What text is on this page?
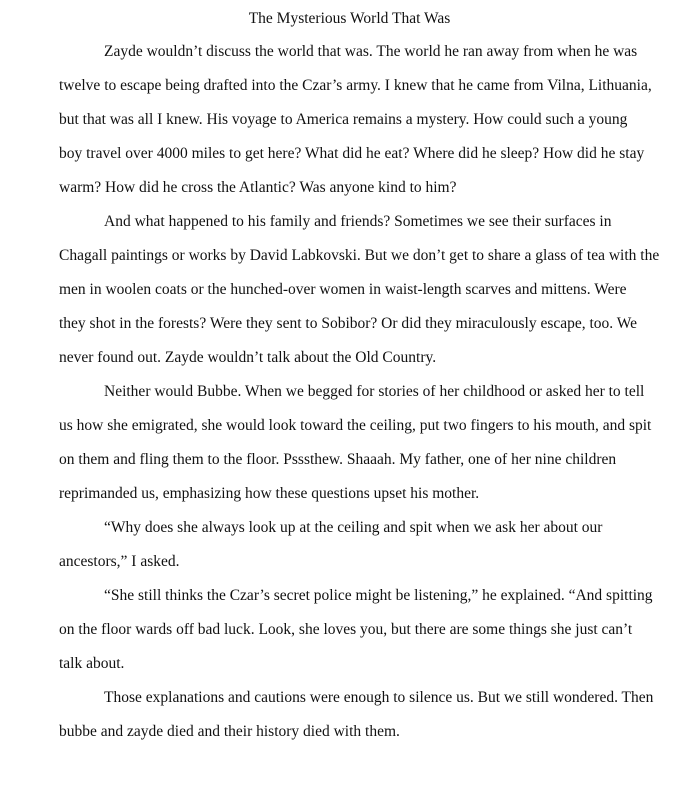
The Mysterious World That Was
Zayde wouldn’t discuss the world that was. The world he ran away from when he was
twelve to escape being drafted into the Czar’s army. I knew that he came from Vilna, Lithuania,
but that was all I knew. His voyage to America remains a mystery. How could such a young
boy travel over 4000 miles to get here? What did he eat? Where did he sleep? How did he stay
warm? How did he cross the Atlantic? Was anyone kind to him?
And what happened to his family and friends? Sometimes we see their surfaces in
Chagall paintings or works by David Labkovski. But we don’t get to share a glass of tea with the
men in woolen coats or the hunched-over women in waist-length scarves and mittens. Were
they shot in the forests? Were they sent to Sobibor? Or did they miraculously escape, too. We
never found out. Zayde wouldn’t talk about the Old Country.
Neither would Bubbe. When we begged for stories of her childhood or asked her to tell
us how she emigrated, she would look toward the ceiling, put two fingers to his mouth, and spit
on them and fling them to the floor. Psssthew. Shaaah. My father, one of her nine children
reprimanded us, emphasizing how these questions upset his mother.
“Why does she always look up at the ceiling and spit when we ask her about our
ancestors,” I asked.
“She still thinks the Czar’s secret police might be listening,” he explained. “And spitting
on the floor wards off bad luck. Look, she loves you, but there are some things she just can’t
talk about.
Those explanations and cautions were enough to silence us. But we still wondered. Then
bubbe and zayde died and their history died with them.
